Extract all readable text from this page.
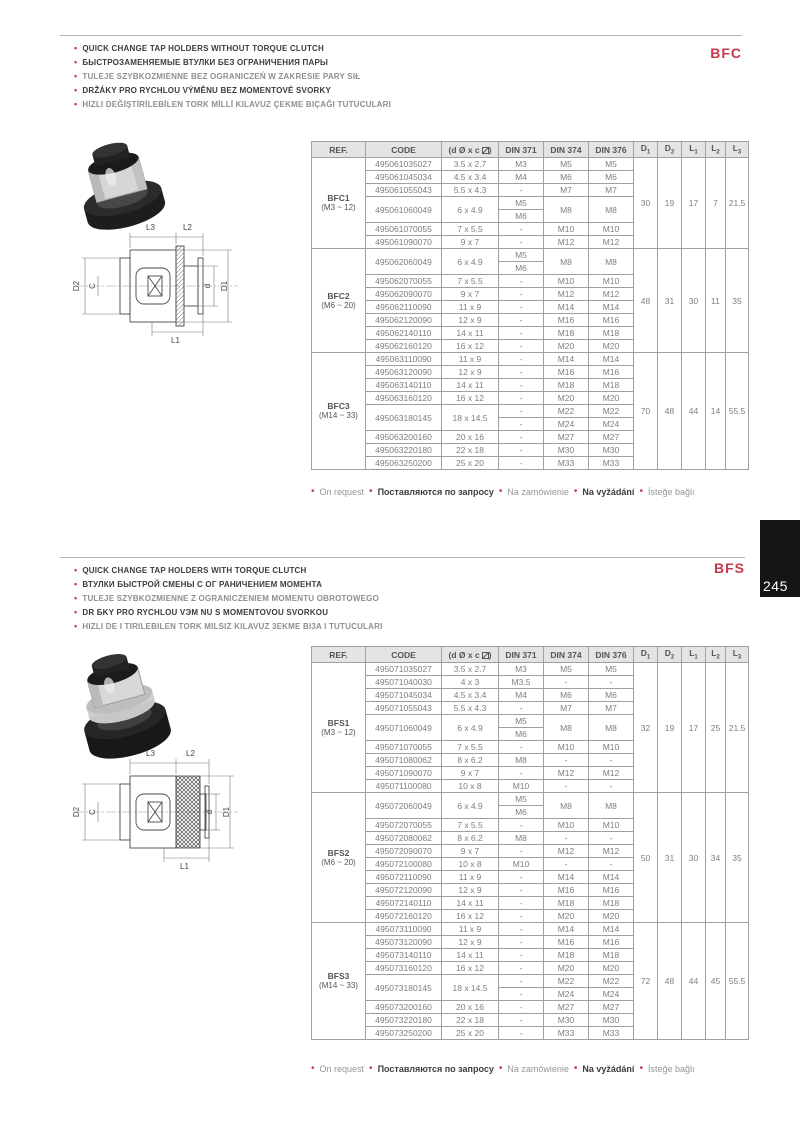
BFC
• QUICK CHANGE TAP HOLDERS WITHOUT TORQUE CLUTCH
• БЫСТРОЗАМЕНЯЕМЫЕ ВТУЛКИ БЕЗ ОГРАНИЧЕНИЯ ПАРЫ
• TULEJE SZYBKOZMIENNE BEZ OGRANICZEŃ W ZAKRESIE PARY SIŁ
• DRŽÁKY PRO RYCHLOU VÝMĚNU BEZ MOMENTOVÉ SVORKY
• HIZLI DEĞİŞTİRİLEBİLEN TORK MİLLİ KILAVUZ ÇEKME BIÇAĞI TUTUCULARI
L3	L2
D2 C	d D1
L1
REF.	CODE	(d Ø x c )	DIN 371	DIN 374	DIN 376	$D_1$	$D_2$	$L_1$	$L_2$	$L_3$

BFC1
(M3 ~ 12)	495061035027	3.5 x 2.7	M3	M5	M5	30	19	17	7	21.5
	495061045034	4.5 x 3.4	M4	M6	M6					
	495061055043	5.5 x 4.3	-	M7	M7					
	495061060049	6 x 4.9	M5	M8	M8					
			M6							
	495061070055	7 x 5.5	-	M10	M10					
	495061090070	9 x 7	-	M12	M12					

BFC2
(M6 ~ 20)	495062060049	6 x 4.9	M5	M8	M8	48	31	30	11	35
			M6							
	495062070055	7 x 5.5	-	M10	M10					
	495062090070	9 x 7	-	M12	M12					
	495062110090	11 x 9	-	M14	M14					
	495062120090	12 x 9	-	M16	M16					
	495062140110	14 x 11	-	M18	M18					
	495062160120	16 x 12	-	M20	M20					

BFC3
(M14 ~ 33)	495063110090	11 x 9	-	M14	M14	70	48	44	14	55.5
	495063120090	12 x 9	-	M16	M16					
	495063140110	14 x 11	-	M18	M18					
	495063160120	16 x 12	-	M20	M20					
	495063180145	18 x 14.5	-	M22	M22					
			-	M24	M24					
	495063200160	20 x 16	-	M27	M27					
	495063220180	22 x 18	-	M30	M30					
	495063250200	25 x 20	-	M33	M33					
• On request • Поставляются по запросу • Na zamówienie • Na vyžádání • İsteğe bağlı
BFS
• QUICK CHANGE TAP HOLDERS WITH TORQUE CLUTCH
• ВТУЛКИ БЫСТРОЙ СМЕНЫ С ОГ РАНИЧЕНИЕМ МОМЕНТА
• TULEJE SZYBKOZMIENNE Z OGRANICZENIEM MOMENTU OBROTOWEGO
• DR БKY PRO RYCHLOU VЭM NU S MOMENTOVOU SVORKOU
• HIZLI DE I TIRILEBILEN TORK MILSIZ KILAVUZ 3EKME BI3A I TUTUCULARI
L3	L2
D2 C	d D1
L1
REF.	CODE	(d Ø x c )	DIN 371	DIN 374	DIN 376	$D_1$	$D_2$	$L_1$	$L_2$	$L_3$

BFS1
(M3 ~ 12)	495071035027	3.5 x 2.7	M3	M5	M5	32	19	17	25	21.5
	495071040030	4 x 3	M3.5	-	-					
	495071045034	4.5 x 3.4	M4	M6	M6					
	495071055043	5.5 x 4.3	-	M7	M7					
	495071060049	6 x 4.9	M5	M8	M8					
			M6							
	495071070055	7 x 5.5	-	M10	M10					
	495071080062	8 x 6.2	M8	-	-					
	495071090070	9 x 7	-	M12	M12					
	495071100080	10 x 8	M10	-	-					

BFS2
(M6 ~ 20)	495072060049	6 x 4.9	M5	M8	M8	50	31	30	34	35
			M6							
	495072070055	7 x 5.5	-	M10	M10					
	495072080062	8 x 6.2	M8	-	-					
	495072090070	9 x 7	-	M12	M12					
	495072100080	10 x 8	M10	-	-					
	495072110090	11 x 9	-	M14	M14					
	495072120090	12 x 9	-	M16	M16					
	495072140110	14 x 11	-	M18	M18					
	495072160120	16 x 12	-	M20	M20					

BFS3
(M14 ~ 33)	495073110090	11 x 9	-	M14	M14	72	48	44	45	55.5
	495073120090	12 x 9	-	M16	M16					
	495073140110	14 x 11	-	M18	M18					
	495073160120	16 x 12	-	M20	M20					
	495073180145	18 x 14.5	-	M22	M22					
			-	M24	M24					
	495073200160	20 x 16	-	M27	M27					
	495073220180	22 x 18	-	M30	M30					
	495073250200	25 x 20	-	M33	M33					
• On request • Поставляются по запросу • Na zamówienie • Na vyžádání • İsteğe bağlı
245
